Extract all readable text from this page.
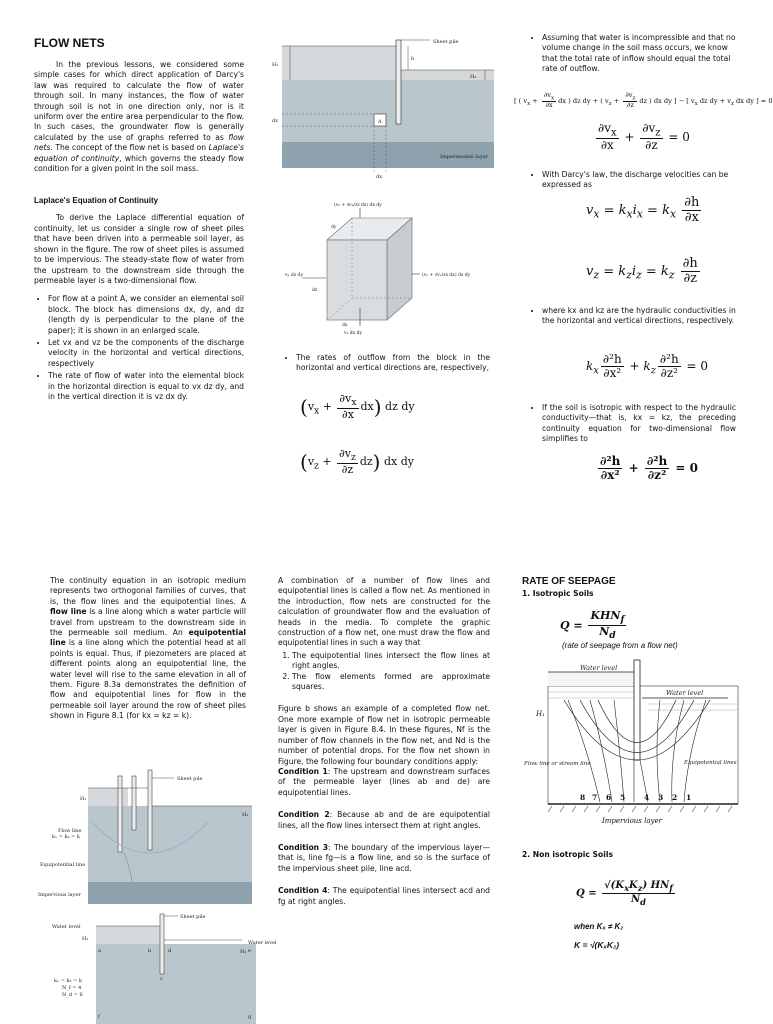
FLOW NETS

In the previous lessons, we considered some simple cases for which direct application of Darcy's law was required to calculate the flow of water through soil. In many instances, the flow of water through soil is not in one direction only, nor is it uniform over the entire area perpendicular to the flow. In such cases, the groundwater flow is generally calculated by the use of graphs referred to as flow nets. The concept of the flow net is based on Laplace's equation of continuity, which governs the steady flow condition for a given point in the soil mass.

Laplace's Equation of Continuity

To derive the Laplace differential equation of continuity, let us consider a single row of sheet piles that have been driven into a permeable soil layer, as shown in the figure. The row of sheet piles is assumed to be impervious. The steady-state flow of water from the upstream to the downstream side through the permeable layer is a two-dimensional flow.

• For flow at a point A, we consider an elemental soil block. The block has dimensions dx, dy, and dz (length dy is perpendicular to the plane of the paper); it is shown in an enlarged scale.
• Let vx and vz be the components of the discharge velocity in the horizontal and vertical directions, respectively
• The rate of flow of water into the elemental block in the horizontal direction is equal to vx dz dy, and in the vertical direction it is vz dx dy.
Sheet pile
H₁
h
H₂
A
dz
dx
Impermeable layer
(v₂ + ∂v₂/∂z dz) dx dy
vₓ dz dy	(vₓ + ∂vₓ/∂x dx) dz dy
v₂ dx dy
dz
dy
dx
• The rates of outflow from the block in the horizontal and vertical directions are, respectively,
$(v_x + \frac{\partial v_x}{\partial x} dx)$ dz dy
$(v_z + \frac{\partial v_z}{\partial z} dz)$ dx dy
• Assuming that water is incompressible and that no volume change in the soil mass occurs, we know that the total rate of inflow should equal the total rate of outflow.
[ ( $v_x + \frac{\partial v_x}{\partial x}$ dx ) dz dy + ( $v_z + \frac{\partial v_z}{\partial z}$ dz ) dx dy ] − [ $v_x$ dz dy + $v_z$ dx dy ] = 0
$\frac{\partial v_x}{\partial x} + \frac{\partial v_z}{\partial z} = 0$
• With Darcy's law, the discharge velocities can be expressed as
$v_x = k_xi_x = k_x \frac{\partial h}{\partial x}$
$v_z = k_zi_z = k_z \frac{\partial h}{\partial z}$
• where kx and kz are the hydraulic conductivities in the horizontal and vertical directions, respectively.
$k_x \frac{\text{∂²h}}{\text{∂x²}} + k_z \frac{\text{∂²h}}{\text{∂z²}} = 0$
• If the soil is isotropic with respect to the hydraulic conductivity—that is, kx = kz, the preceding continuity equation for two-dimensional flow simplifies to
$\frac{\text{∂²h}}{\text{∂x²}} + \frac{\text{∂²h}}{\text{∂z²}} = 0$
The continuity equation in an isotropic medium represents two orthogonal families of curves, that is, the flow lines and the equipotential lines. A flow line is a line along which a water particle will travel from upstream to the downstream side in the permeable soil medium. An equipotential line is a line along which the potential head at all points is equal. Thus, if piezometers are placed at different points along an equipotential line, the water level will rise to the same elevation in all of them. Figure 8.3a demonstrates the definition of flow and equipotential lines for flow in the permeable soil layer around the row of sheet piles shown in Figure 8.1 (for kx = kz = k).
Sheet pile
H₁
H₂
Flow line
kₓ = k₂ = k
Equipotential line
Impervious layer
Sheet pile
Water level
Water level
H₁
H₂
kₓ = k₂ = k
N_f = 4
N_d = 6
a	b
c
d	e
f	g

A combination of a number of flow lines and equipotential lines is called a flow net. As mentioned in the introduction, flow nets are constructed for the calculation of groundwater flow and the evaluation of heads in the media. To complete the graphic construction of a flow net, one must draw the flow and equipotential lines in such a way that

1. The equipotential lines intersect the flow lines at right angles.
2. The flow elements formed are approximate squares.

Figure b shows an example of a completed flow net. One more example of flow net in isotropic permeable layer is given in Figure 8.4. In these figures, Nf is the number of flow channels in the flow net, and Nd is the number of potential drops. For the flow net shown in Figure, the following four boundary conditions apply:

Condition 1: The upstream and downstream surfaces of the permeable layer (lines ab and de) are equipotential lines.

Condition 2: Because ab and de are equipotential lines, all the flow lines intersect them at right angles.

Condition 3: The boundary of the impervious layer—that is, line fg—is a flow line, and so is the surface of the impervious sheet pile, line acd.

Condition 4: The equipotential lines intersect acd and fg at right angles.

RATE OF SEEPAGE
1. Isotropic Soils
$Q = \frac{KHN_f}{N_d}$
(rate of seepage from a flow net)
Water level
Water level
H₁
Flow line or stream line	Equipotential lines
8 7 6 5	4 3 2 1
Impervious layer
2. Non isotropic Soils
$Q = \frac{√(K_xK_z) HN_f}{N_d}$
when Kₓ ≠ K₂
K = √(KₓK₂)
